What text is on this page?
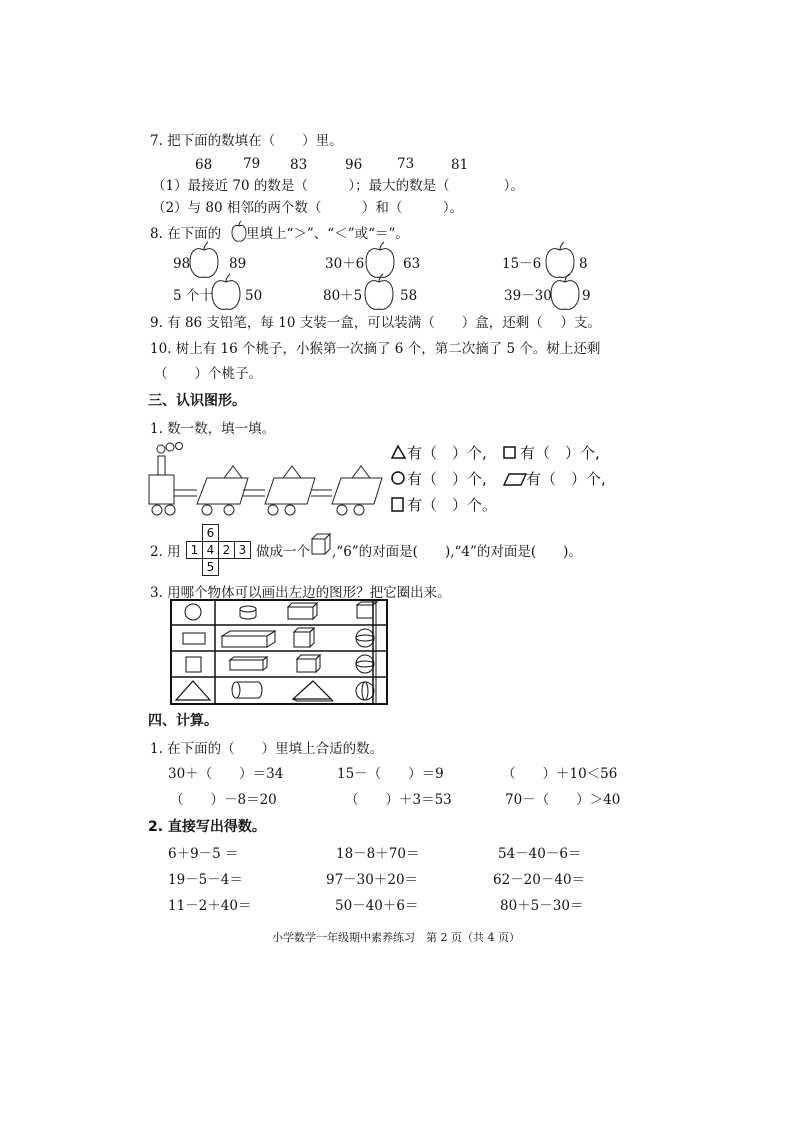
7. 把下面的数填在（　　）里。
68 79 83	96	73	81
（1）最接近 70 的数是（　　　）；最大的数是（　　　　）。
（2）与 80 相邻的两个数（　　　）和（　　　）。
8. 在下面的 里填上“＞”、“＜”或“＝”。
98	89	30＋6	63	15－6	8
5 个十 50	80＋5	58	39－30 9
9. 有 86 支铅笔，每 10 支装一盒，可以装满（　　）盒，还剩（　 ）支。
10. 树上有 16 个桃子，小猴第一次摘了 6 个，第二次摘了 5 个。树上还剩
（　　）个桃子。
三、认识图形。
1. 数一数，填一填。
有（　）个, 有（　）个,
有（　）个,	有（　）个,
有（　）个。
2. 用
6
1 4 2 3
5
做成一个 ,“6”的对面是(　　),“4”的对面是(　　)。
3. 用哪个物体可以画出左边的图形？把它圈出来。
四、计算。
1. 在下面的（　　）里填上合适的数。
30＋（　　）＝34	15－（　　）＝9	（　　）＋10＜56
（　　）－8＝20	（　　）＋3＝53	70－（　　）＞40
2. 直接写出得数。
6＋9－5 ＝	18－8＋70＝	54－40－6＝
19－5－4＝	97－30＋20＝	62－20－40＝
11－2＋40＝	50－40＋6＝	80＋5－30＝
小学数学一年级期中素养练习　第 2 页（共 4 页）
